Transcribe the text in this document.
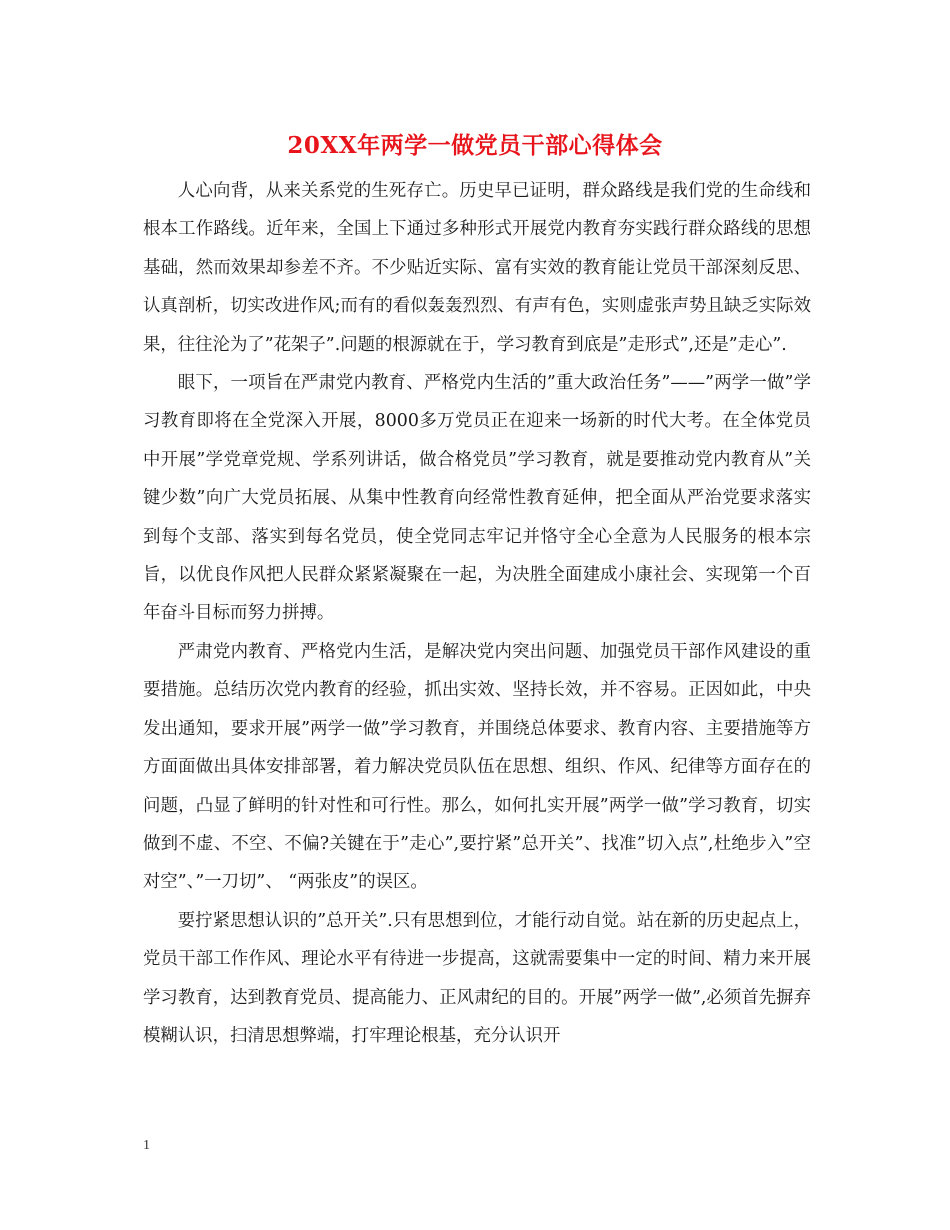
20XX年两学一做党员干部心得体会

人心向背，从来关系党的生死存亡。历史早已证明，群众路线是我们党的生命线和根本工作路线。近年来，全国上下通过多种形式开展党内教育夯实践行群众路线的思想基础，然而效果却参差不齐。不少贴近实际、富有实效的教育能让党员干部深刻反思、认真剖析，切实改进作风;而有的看似轰轰烈烈、有声有色，实则虚张声势且缺乏实际效果，往往沦为了”花架子”.问题的根源就在于，学习教育到底是”走形式”,还是”走心”.

眼下，一项旨在严肃党内教育、严格党内生活的”重大政治任务”——”两学一做”学习教育即将在全党深入开展，8000多万党员正在迎来一场新的时代大考。在全体党员中开展”学党章党规、学系列讲话，做合格党员”学习教育，就是要推动党内教育从”关键少数”向广大党员拓展、从集中性教育向经常性教育延伸，把全面从严治党要求落实到每个支部、落实到每名党员，使全党同志牢记并恪守全心全意为人民服务的根本宗旨，以优良作风把人民群众紧紧凝聚在一起，为决胜全面建成小康社会、实现第一个百年奋斗目标而努力拼搏。

严肃党内教育、严格党内生活，是解决党内突出问题、加强党员干部作风建设的重要措施。总结历次党内教育的经验，抓出实效、坚持长效，并不容易。正因如此，中央发出通知，要求开展”两学一做”学习教育，并围绕总体要求、教育内容、主要措施等方方面面做出具体安排部署，着力解决党员队伍在思想、组织、作风、纪律等方面存在的问题，凸显了鲜明的针对性和可行性。那么，如何扎实开展”两学一做”学习教育，切实做到不虚、不空、不偏?关键在于”走心”,要拧紧”总开关”、找准”切入点”,杜绝步入”空对空”、”一刀切”、 “两张皮”的误区。

要拧紧思想认识的”总开关”.只有思想到位，才能行动自觉。站在新的历史起点上，党员干部工作作风、理论水平有待进一步提高，这就需要集中一定的时间、精力来开展学习教育，达到教育党员、提高能力、正风肃纪的目的。开展”两学一做”,必须首先摒弃模糊认识，扫清思想弊端，打牢理论根基，充分认识开

1
